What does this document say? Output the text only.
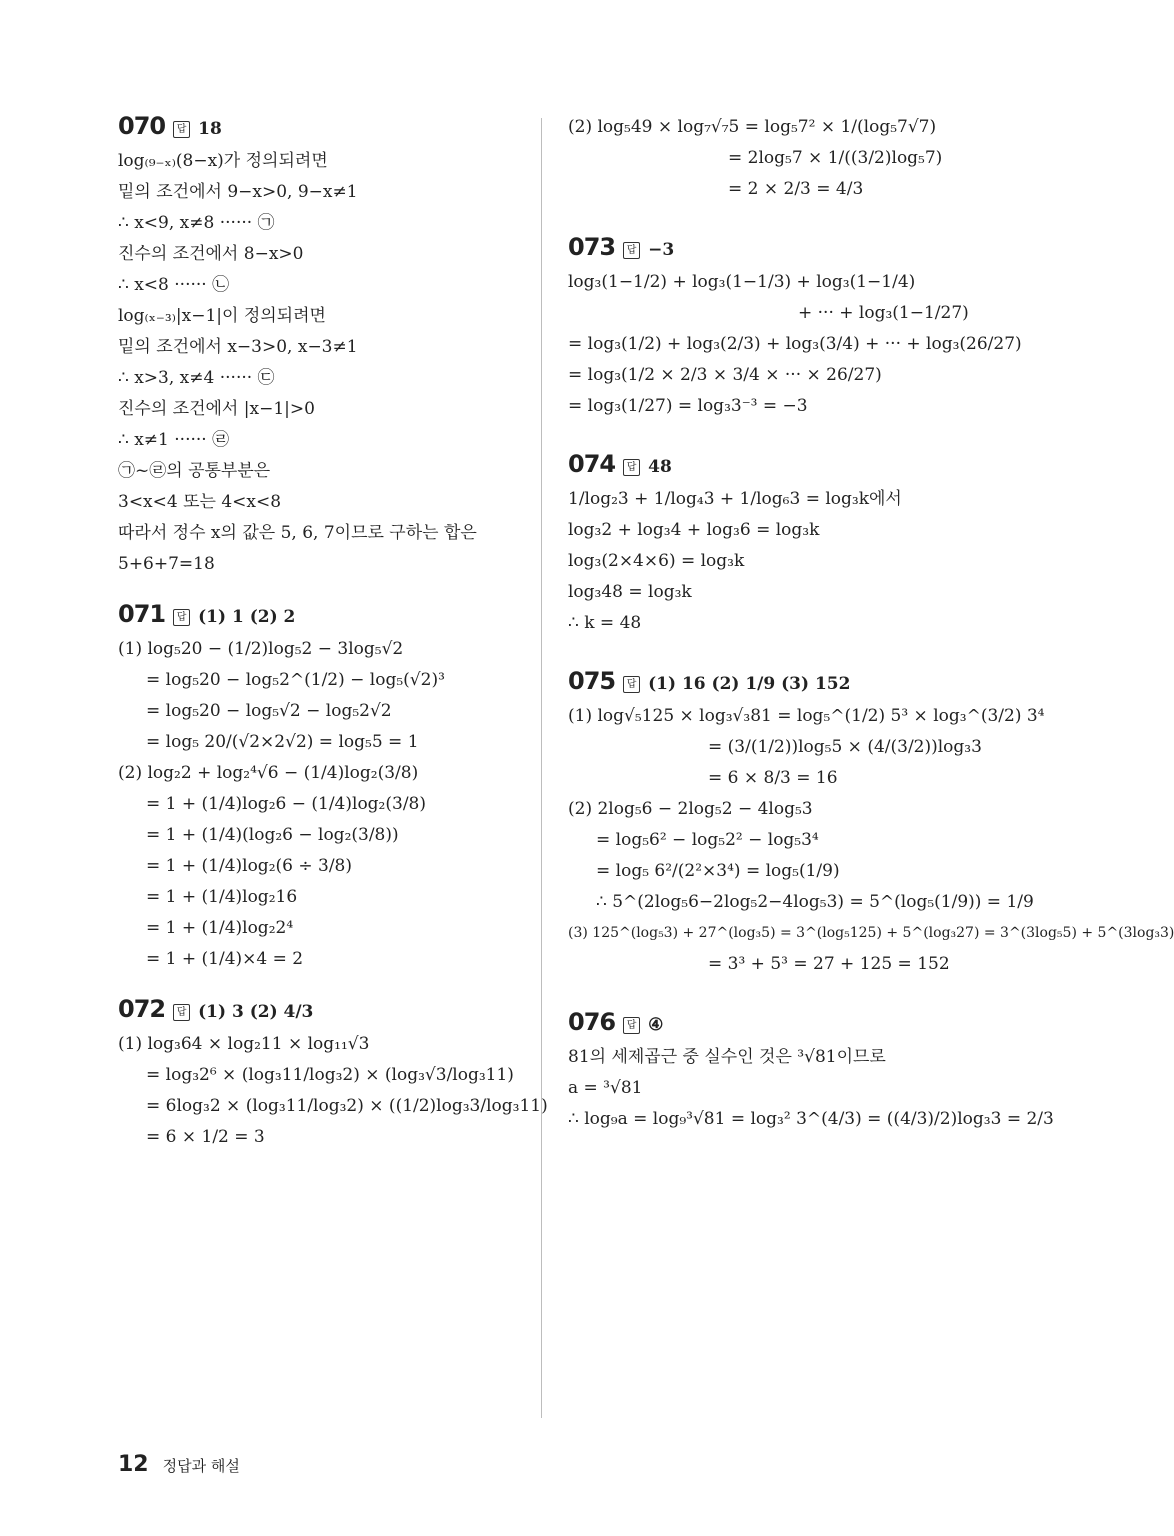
070	답 18
log₍₉₋ₓ₎(8−x)가 정의되려면
밑의 조건에서 9−x>0, 9−x≠1
∴ x<9, x≠8 ······ ㉠
진수의 조건에서 8−x>0
∴ x<8 ······ ㉡
log₍ₓ₋₃₎|x−1|이 정의되려면
밑의 조건에서 x−3>0, x−3≠1
∴ x>3, x≠4 ······ ㉢
진수의 조건에서 |x−1|>0
∴ x≠1 ······ ㉣
㉠~㉣의 공통부분은
3<x<4 또는 4<x<8
따라서 정수 x의 값은 5, 6, 7이므로 구하는 합은
5+6+7=18
071	답 (1) 1 (2) 2
(1) log₅20 − (1/2)log₅2 − 3log₅√2
= log₅20 − log₅2^(1/2) − log₅(√2)³
= log₅20 − log₅√2 − log₅2√2
= log₅ 20/(√2×2√2) = log₅5 = 1
(2) log₂2 + log₂⁴√6 − (1/4)log₂(3/8)
= 1 + (1/4)log₂6 − (1/4)log₂(3/8)
= 1 + (1/4)(log₂6 − log₂(3/8))
= 1 + (1/4)log₂(6 ÷ 3/8)
= 1 + (1/4)log₂16
= 1 + (1/4)log₂2⁴
= 1 + (1/4)×4 = 2
072	답 (1) 3 (2) 4/3
(1) log₃64 × log₂11 × log₁₁√3
= log₃2⁶ × (log₃11/log₃2) × (log₃√3/log₃11)
= 6log₃2 × (log₃11/log₃2) × ((1/2)log₃3/log₃11)
= 6 × 1/2 = 3
(2) log₅49 × log₇√₇5 = log₅7² × 1/(log₅7√7)
= 2log₅7 × 1/((3/2)log₅7)
= 2 × 2/3 = 4/3
073	답 −3
log₃(1−1/2) + log₃(1−1/3) + log₃(1−1/4)
+ ··· + log₃(1−1/27)
= log₃(1/2) + log₃(2/3) + log₃(3/4) + ··· + log₃(26/27)
= log₃(1/2 × 2/3 × 3/4 × ··· × 26/27)
= log₃(1/27) = log₃3⁻³ = −3
074	답 48
1/log₂3 + 1/log₄3 + 1/log₆3 = log₃k에서
log₃2 + log₃4 + log₃6 = log₃k
log₃(2×4×6) = log₃k
log₃48 = log₃k
∴ k = 48
075	답 (1) 16 (2) 1/9 (3) 152
(1) log√₅125 × log₃√₃81 = log₅^(1/2) 5³ × log₃^(3/2) 3⁴
= (3/(1/2))log₅5 × (4/(3/2))log₃3
= 6 × 8/3 = 16
(2) 2log₅6 − 2log₅2 − 4log₅3
= log₅6² − log₅2² − log₅3⁴
= log₅ 6²/(2²×3⁴) = log₅(1/9)
∴ 5^(2log₅6−2log₅2−4log₅3) = 5^(log₅(1/9)) = 1/9
(3) 125^(log₅3) + 27^(log₃5) = 3^(log₅125) + 5^(log₃27) = 3^(3log₅5) + 5^(3log₃3)
= 3³ + 5³ = 27 + 125 = 152
076	답 ④
81의 세제곱근 중 실수인 것은 ³√81이므로
a = ³√81
∴ log₉a = log₉³√81 = log₃² 3^(4/3) = ((4/3)/2)log₃3 = 2/3
12 정답과 해설
